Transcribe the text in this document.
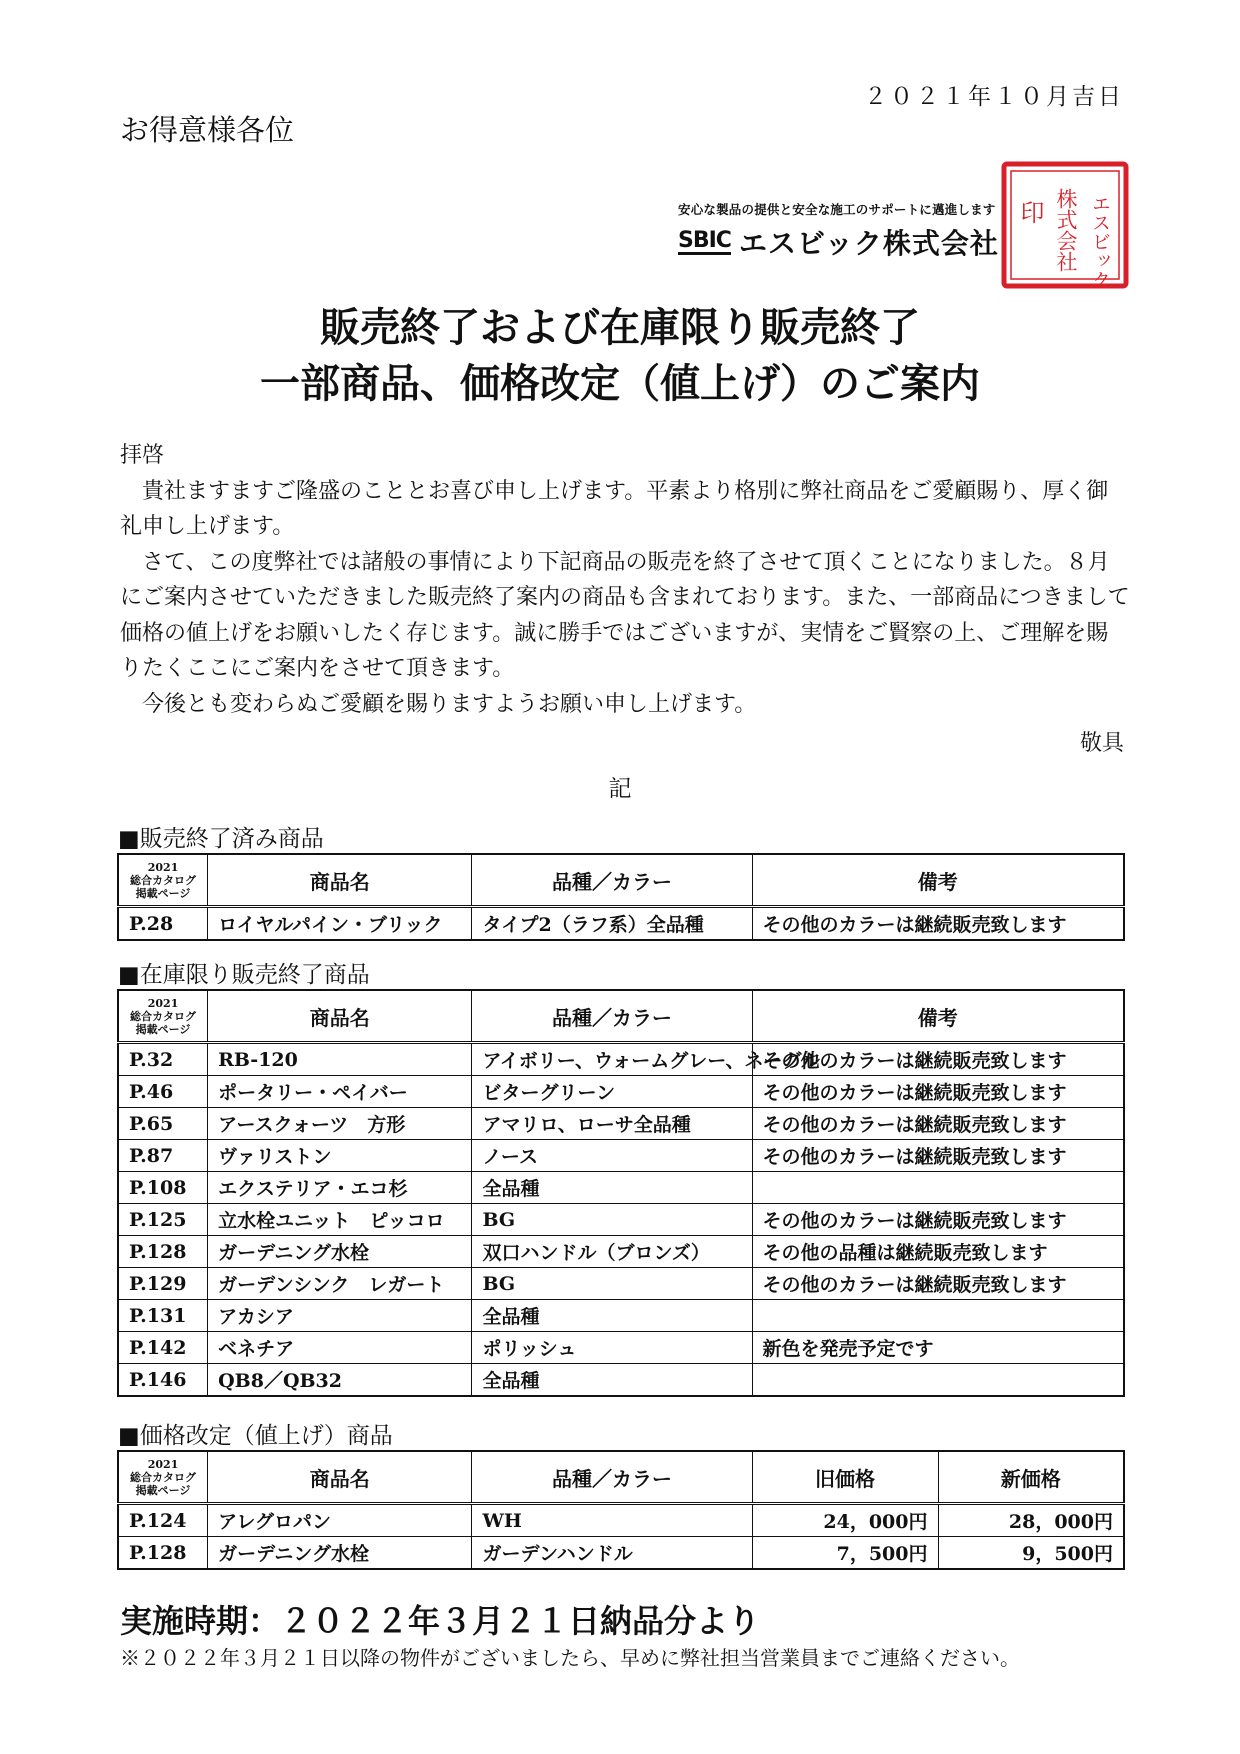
２０２１年１０月吉日
お得意様各位
安心な製品の提供と安全な施工のサポートに邁進します
SBIC エスビック株式会社	エスビック
株式会社
印
販売終了および在庫限り販売終了
一部商品、価格改定（値上げ）のご案内

拝啓

貴社ますますご隆盛のこととお喜び申し上げます。平素より格別に弊社商品をご愛顧賜り、厚く御礼申し上げます。

さて、この度弊社では諸般の事情により下記商品の販売を終了させて頂くことになりました。８月にご案内させていただきました販売終了案内の商品も含まれております。また、一部商品につきまして価格の値上げをお願いしたく存じます。誠に勝手ではございますが、実情をご賢察の上、ご理解を賜りたくここにご案内をさせて頂きます。

今後とも変わらぬご愛顧を賜りますようお願い申し上げます。

敬具
記
■販売終了済み商品
2021
総合カタログ
掲載ページ	商品名	品種／カラー	備考
P.28	ロイヤルパイン・ブリック	タイプ2（ラフ系）全品種	その他のカラーは継続販売致します
■在庫限り販売終了商品
2021
総合カタログ
掲載ページ	商品名	品種／カラー	備考
P.32	RB-120	アイボリー、ウォームグレー、ネーグル	その他のカラーは継続販売致します
P.46	ポータリー・ペイバー	ビターグリーン	その他のカラーは継続販売致します
P.65	アースクォーツ　方形	アマリロ、ローサ全品種	その他のカラーは継続販売致します
P.87	ヴァリストン	ノース	その他のカラーは継続販売致します
P.108	エクステリア・エコ杉	全品種	
P.125	立水栓ユニット　ピッコロ	BG	その他のカラーは継続販売致します
P.128	ガーデニング水栓	双口ハンドル（ブロンズ）	その他の品種は継続販売致します
P.129	ガーデンシンク　レガート	BG	その他のカラーは継続販売致します
P.131	アカシア	全品種	
P.142	ベネチア	ポリッシュ	新色を発売予定です
P.146	QB8／QB32	全品種	
■価格改定（値上げ）商品
2021
総合カタログ
掲載ページ	商品名	品種／カラー	旧価格	新価格
P.124	アレグロパン	WH	24，000円	28，000円
P.128	ガーデニング水栓	ガーデンハンドル	7，500円	9，500円
実施時期：２０２２年３月２１日納品分より
※２０２２年３月２１日以降の物件がございましたら、早めに弊社担当営業員までご連絡ください。
